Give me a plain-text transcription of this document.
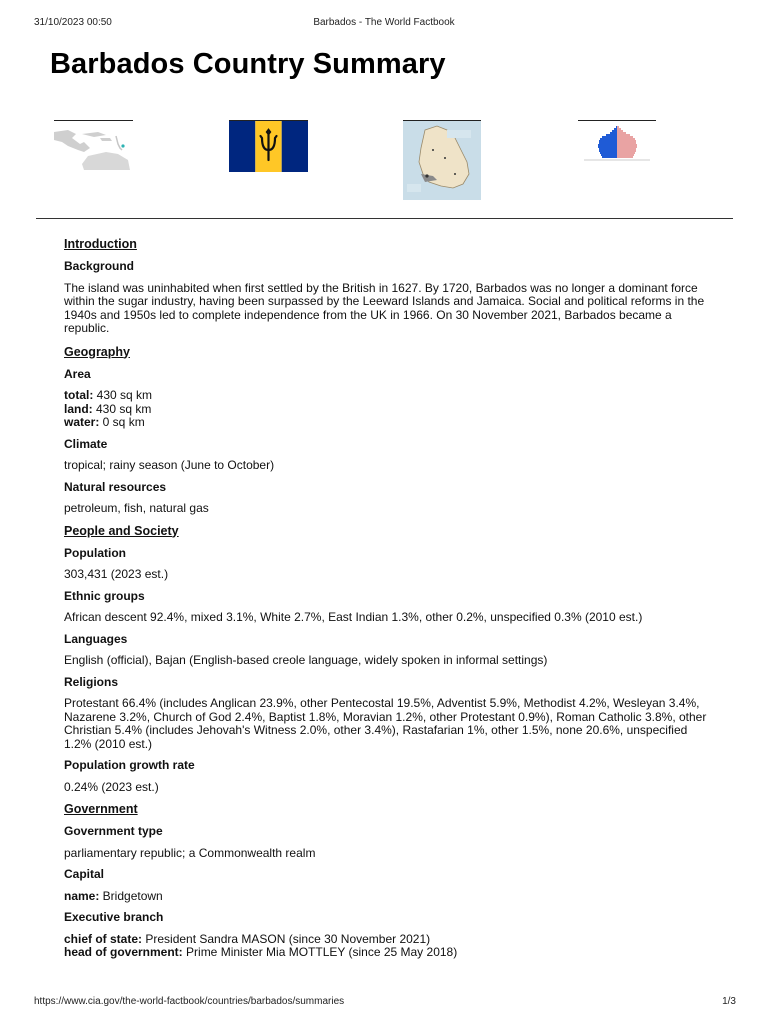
31/10/2023 00:50	Barbados - The World Factbook
Barbados Country Summary
Introduction
Background
The island was uninhabited when first settled by the British in 1627. By 1720, Barbados was no longer a dominant force within the sugar industry, having been surpassed by the Leeward Islands and Jamaica. Social and political reforms in the 1940s and 1950s led to complete independence from the UK in 1966. On 30 November 2021, Barbados became a republic.
Geography
Area
total: 430 sq km
land: 430 sq km
water: 0 sq km
Climate
tropical; rainy season (June to October)
Natural resources
petroleum, fish, natural gas
People and Society
Population
303,431 (2023 est.)
Ethnic groups
African descent 92.4%, mixed 3.1%, White 2.7%, East Indian 1.3%, other 0.2%, unspecified 0.3% (2010 est.)
Languages
English (official), Bajan (English-based creole language, widely spoken in informal settings)
Religions
Protestant 66.4% (includes Anglican 23.9%, other Pentecostal 19.5%, Adventist 5.9%, Methodist 4.2%, Wesleyan 3.4%, Nazarene 3.2%, Church of God 2.4%, Baptist 1.8%, Moravian 1.2%, other Protestant 0.9%), Roman Catholic 3.8%, other Christian 5.4% (includes Jehovah's Witness 2.0%, other 3.4%), Rastafarian 1%, other 1.5%, none 20.6%, unspecified 1.2% (2010 est.)
Population growth rate
0.24% (2023 est.)
Government
Government type
parliamentary republic; a Commonwealth realm
Capital
name: Bridgetown
Executive branch
chief of state: President Sandra MASON (since 30 November 2021)
head of government: Prime Minister Mia MOTTLEY (since 25 May 2018)
https://www.cia.gov/the-world-factbook/countries/barbados/summaries	1/3
